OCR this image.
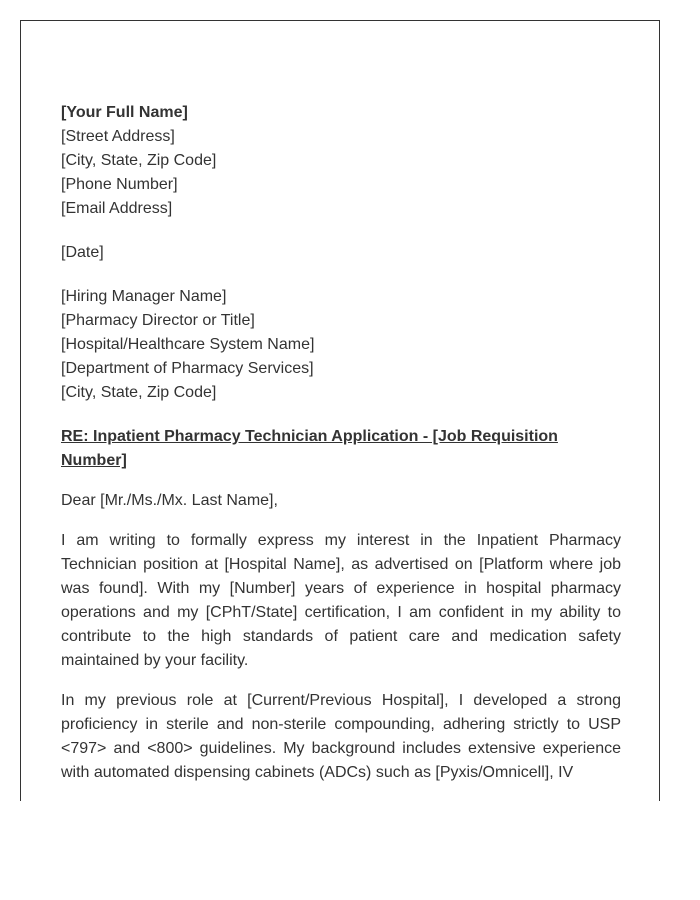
[Your Full Name]
[Street Address]
[City, State, Zip Code]
[Phone Number]
[Email Address]
[Date]
[Hiring Manager Name]
[Pharmacy Director or Title]
[Hospital/Healthcare System Name]
[Department of Pharmacy Services]
[City, State, Zip Code]
RE: Inpatient Pharmacy Technician Application - [Job Requisition Number]
Dear [Mr./Ms./Mx. Last Name],
I am writing to formally express my interest in the Inpatient Pharmacy Technician position at [Hospital Name], as advertised on [Platform where job was found]. With my [Number] years of experience in hospital pharmacy operations and my [CPhT/State] certification, I am confident in my ability to contribute to the high standards of patient care and medication safety maintained by your facility.
In my previous role at [Current/Previous Hospital], I developed a strong proficiency in sterile and non-sterile compounding, adhering strictly to USP <797> and <800> guidelines. My background includes extensive experience with automated dispensing cabinets (ADCs) such as [Pyxis/Omnicell], IV
